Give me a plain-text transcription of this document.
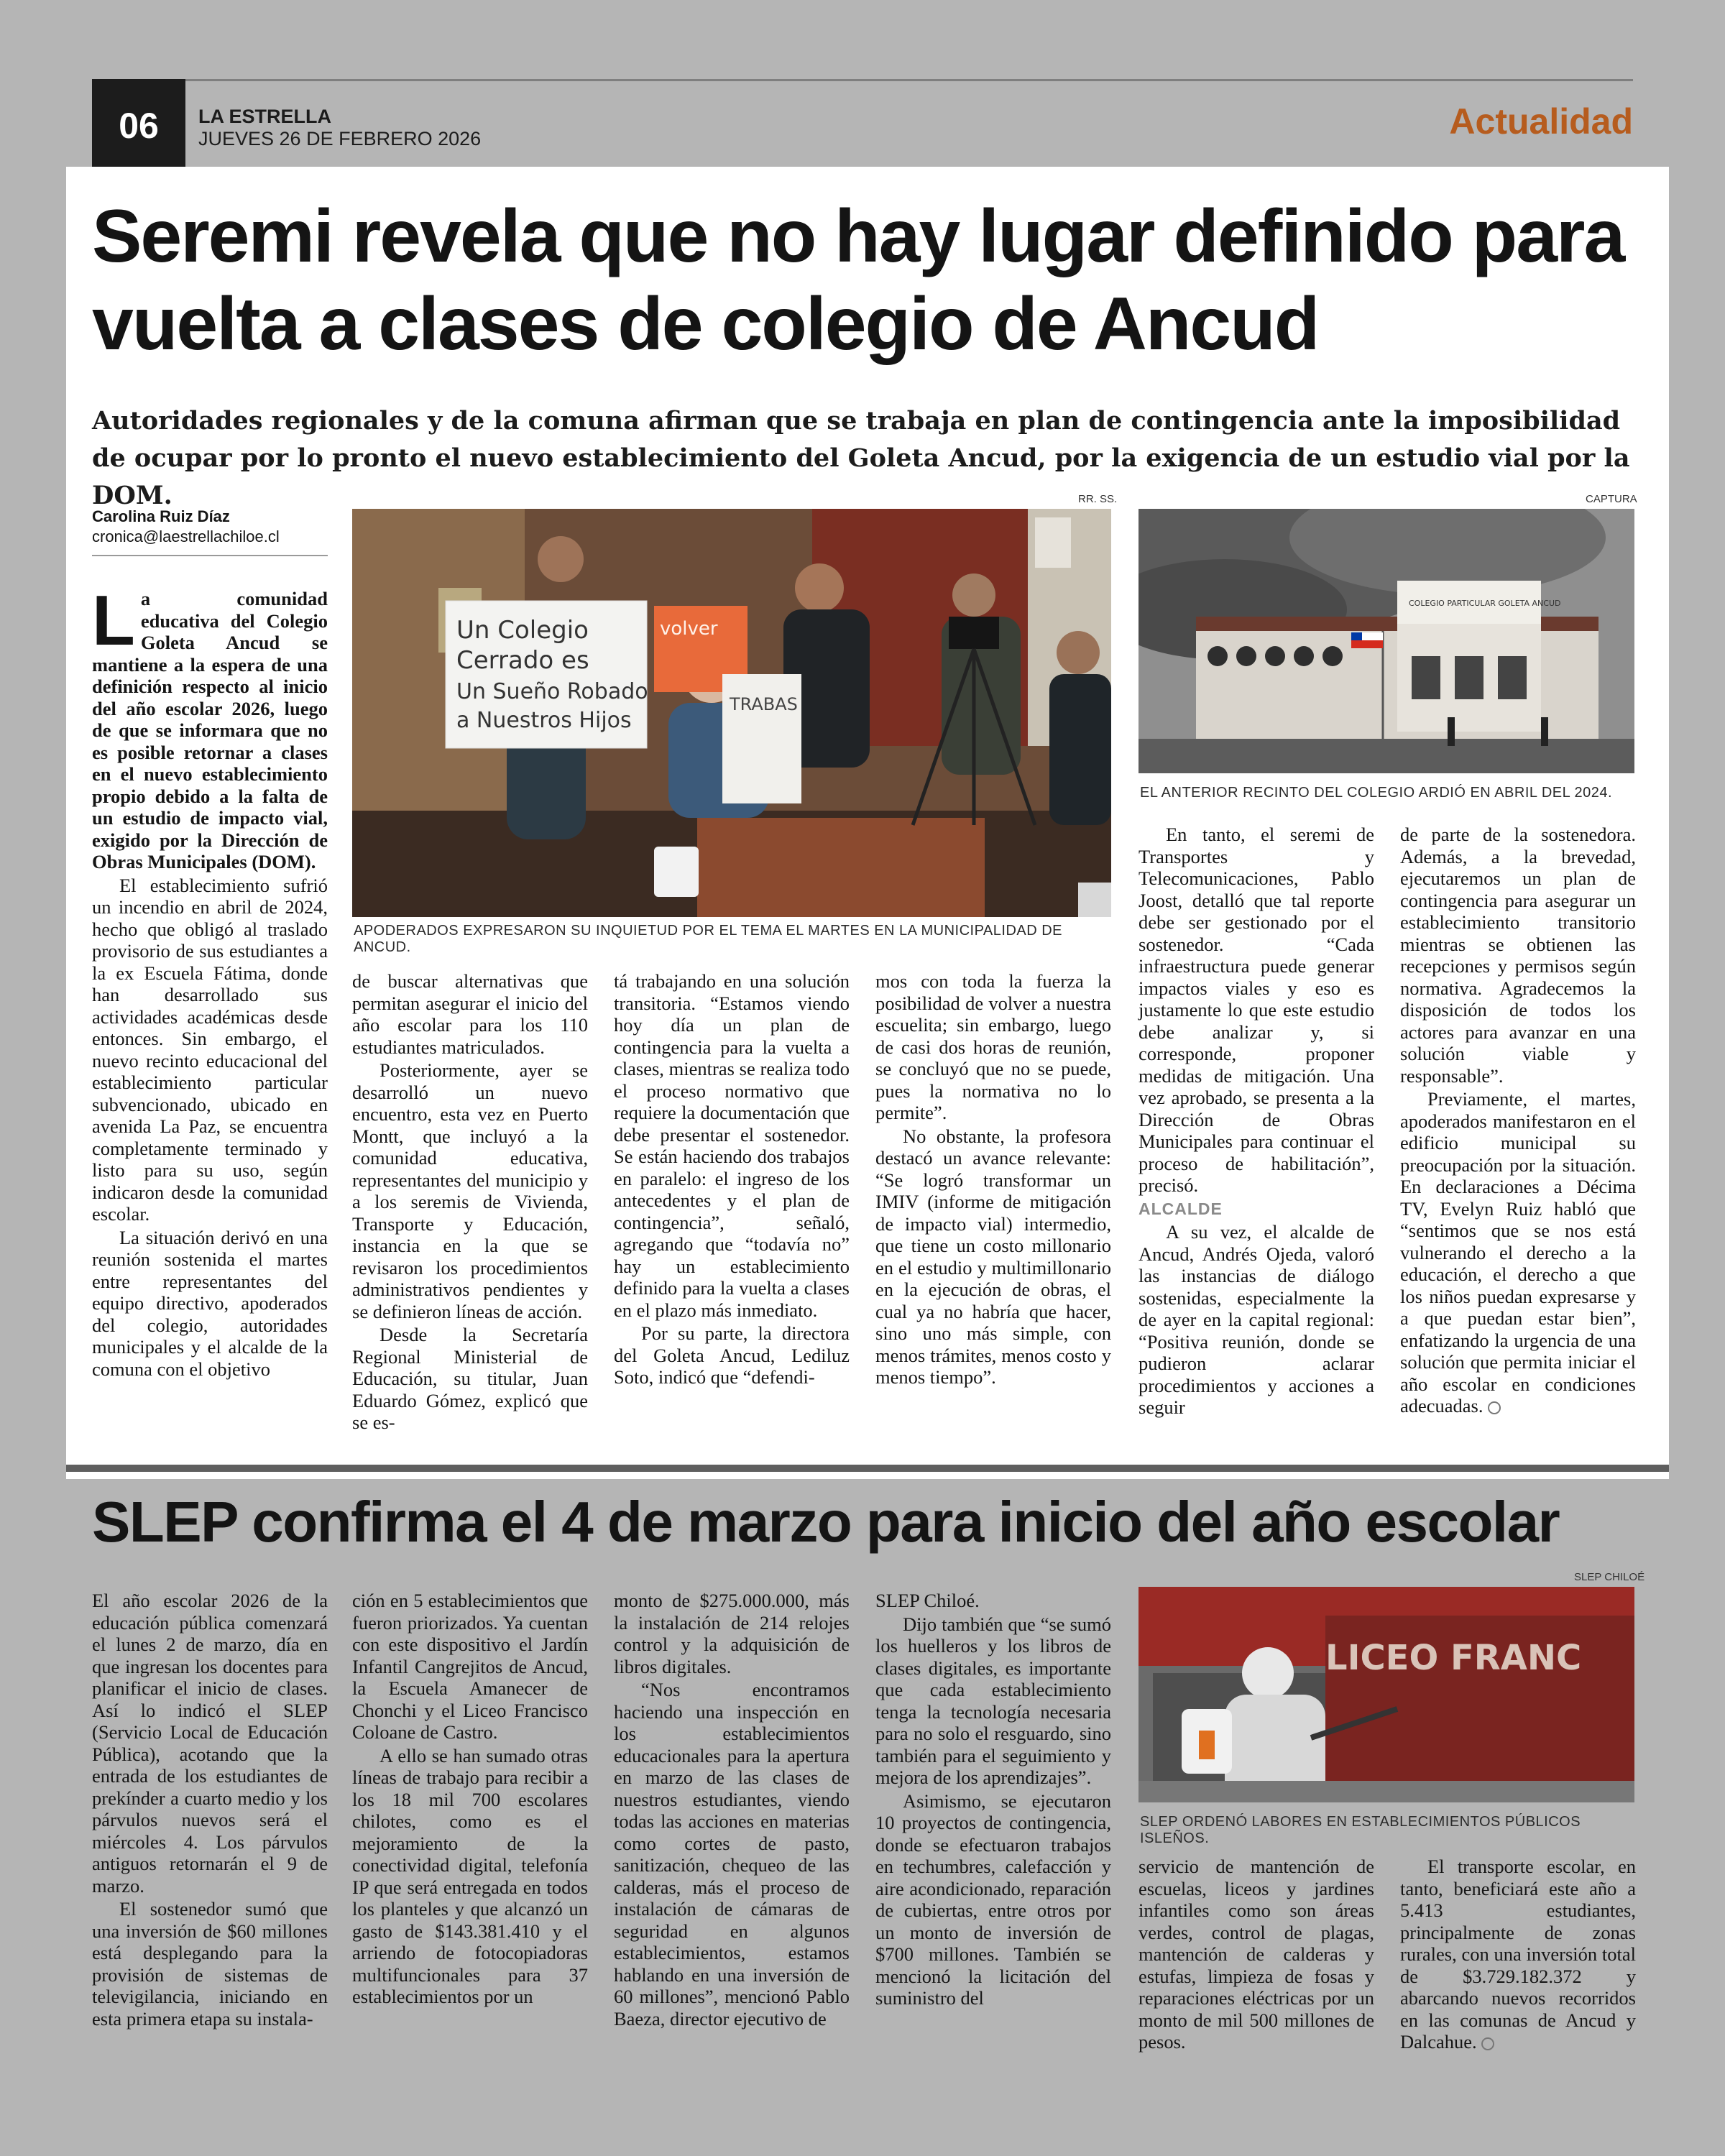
06	LA ESTRELLA
JUEVES 26 DE FEBRERO 2026	Actualidad
Seremi revela que no hay lugar definido para vuelta a clases de colegio de Ancud

Autoridades regionales y de la comuna afirman que se trabaja en plan de contingencia ante la imposibilidad de ocupar por lo pronto el nuevo establecimiento del Goleta Ancud, por la exigencia de un estudio vial por la DOM.

Carolina Ruiz Díaz
cronica@laestrellachiloe.cl
RR. SS.
Un Colegio
Cerrado es
Un Sueño Robado
a Nuestros Hijos
volver
TRABAS
APODERADOS EXPRESARON SU INQUIETUD POR EL TEMA EL MARTES EN LA MUNICIPALIDAD DE ANCUD.
CAPTURA
COLEGIO PARTICULAR GOLETA ANCUD
EL ANTERIOR RECINTO DEL COLEGIO ARDIÓ EN ABRIL DEL 2024.

La comunidad educativa del Colegio Goleta Ancud se mantiene a la espera de una definición respecto al inicio del año escolar 2026, luego de que se informara que no es posible retornar a clases en el nuevo establecimiento propio debido a la falta de un estudio de impacto vial, exigido por la Dirección de Obras Municipales (DOM).

El establecimiento sufrió un incendio en abril de 2024, hecho que obligó al traslado provisorio de sus estudiantes a la ex Escuela Fátima, donde han desarrollado sus actividades académicas desde entonces. Sin embargo, el nuevo recinto educacional del establecimiento particular subvencionado, ubicado en avenida La Paz, se encuentra completamente terminado y listo para su uso, según indicaron desde la comunidad escolar.

La situación derivó en una reunión sostenida el martes entre representantes del equipo directivo, apoderados del colegio, autoridades municipales y el alcalde de la comuna con el objetivo

de buscar alternativas que permitan asegurar el inicio del año escolar para los 110 estudiantes matriculados.

Posteriormente, ayer se desarrolló un nuevo encuentro, esta vez en Puerto Montt, que incluyó a la comunidad educativa, representantes del municipio y a los seremis de Vivienda, Transporte y Educación, instancia en la que se revisaron los procedimientos administrativos pendientes y se definieron líneas de acción.

Desde la Secretaría Regional Ministerial de Educación, su titular, Juan Eduardo Gómez, explicó que se es-

tá trabajando en una solución transitoria. “Estamos viendo hoy día un plan de contingencia para la vuelta a clases, mientras se realiza todo el proceso normativo que requiere la documentación que debe presentar el sostenedor. Se están haciendo dos trabajos en paralelo: el ingreso de los antecedentes y el plan de contingencia”, señaló, agregando que “todavía no” hay un establecimiento definido para la vuelta a clases en el plazo más inmediato.

Por su parte, la directora del Goleta Ancud, Lediluz Soto, indicó que “defendi-

mos con toda la fuerza la posibilidad de volver a nuestra escuelita; sin embargo, luego de casi dos horas de reunión, se concluyó que no se puede, pues la normativa no lo permite”.

No obstante, la profesora destacó un avance relevante: “Se logró transformar un IMIV (informe de mitigación de impacto vial) intermedio, que tiene un costo millonario en el estudio y multimillonario en la ejecución de obras, el cual ya no habría que hacer, sino uno más simple, con menos trámites, menos costo y menos tiempo”.

En tanto, el seremi de Transportes y Telecomunicaciones, Pablo Joost, detalló que tal reporte debe ser gestionado por el sostenedor. “Cada infraestructura puede generar impactos viales y eso es justamente lo que este estudio debe analizar y, si corresponde, proponer medidas de mitigación. Una vez aprobado, se presenta a la Dirección de Obras Municipales para continuar el proceso de habilitación”, precisó.

ALCALDE

A su vez, el alcalde de Ancud, Andrés Ojeda, valoró las instancias de diálogo sostenidas, especialmente la de ayer en la capital regional: “Positiva reunión, donde se pudieron aclarar procedimientos y acciones a seguir

de parte de la sostenedora. Además, a la brevedad, ejecutaremos un plan de contingencia para asegurar un establecimiento transitorio mientras se obtienen las recepciones y permisos según normativa. Agradecemos la disposición de todos los actores para avanzar en una solución viable y responsable”.

Previamente, el martes, apoderados manifestaron en el edificio municipal su preocupación por la situación. En declaraciones a Décima TV, Evelyn Ruiz habló que “sentimos que se nos está vulnerando el derecho a la educación, el derecho a que los niños puedan expresarse y a que puedan estar bien”, enfatizando la urgencia de una solución que permita iniciar el año escolar en condiciones adecuadas.

SLEP confirma el 4 de marzo para inicio del año escolar
SLEP CHILOÉ
LICEO FRANC
SLEP ORDENÓ LABORES EN ESTABLECIMIENTOS PÚBLICOS ISLEÑOS.

El año escolar 2026 de la educación pública comenzará el lunes 2 de marzo, día en que ingresan los docentes para planificar el inicio de clases. Así lo indicó el SLEP (Servicio Local de Educación Pública), acotando que la entrada de los estudiantes de prekínder a cuarto medio y los párvulos nuevos será el miércoles 4. Los párvulos antiguos retornarán el 9 de marzo.

El sostenedor sumó que una inversión de $60 millones está desplegando para la provisión de sistemas de televigilancia, iniciando en esta primera etapa su instala-

ción en 5 establecimientos que fueron priorizados. Ya cuentan con este dispositivo el Jardín Infantil Cangrejitos de Ancud, la Escuela Amanecer de Chonchi y el Liceo Francisco Coloane de Castro.

A ello se han sumado otras líneas de trabajo para recibir a los 18 mil 700 escolares chilotes, como es el mejoramiento de la conectividad digital, telefonía IP que será entregada en todos los planteles y que alcanzó un gasto de $143.381.410 y el arriendo de fotocopiadoras multifuncionales para 37 establecimientos por un

monto de $275.000.000, más la instalación de 214 relojes control y la adquisición de libros digitales.

“Nos encontramos haciendo una inspección en los establecimientos educacionales para la apertura en marzo de las clases de nuestros estudiantes, viendo todas las acciones en materias como cortes de pasto, sanitización, chequeo de las calderas, más el proceso de instalación de cámaras de seguridad en algunos establecimientos, estamos hablando en una inversión de 60 millones”, mencionó Pablo Baeza, director ejecutivo de

SLEP Chiloé.

Dijo también que “se sumó los huelleros y los libros de clases digitales, es importante que cada establecimiento tenga la tecnología necesaria para no solo el resguardo, sino también para el seguimiento y mejora de los aprendizajes”.

Asimismo, se ejecutaron 10 proyectos de contingencia, donde se efectuaron trabajos en techumbres, calefacción y aire acondicionado, reparación de cubiertas, entre otros por un monto de inversión de $700 millones. También se mencionó la licitación del suministro del

servicio de mantención de escuelas, liceos y jardines infantiles como son áreas verdes, control de plagas, mantención de calderas y estufas, limpieza de fosas y reparaciones eléctricas por un monto de mil 500 millones de pesos.

El transporte escolar, en tanto, beneficiará este año a 5.413 estudiantes, principalmente de zonas rurales, con una inversión total de $3.729.182.372 y abarcando nuevos recorridos en las comunas de Ancud y Dalcahue.
